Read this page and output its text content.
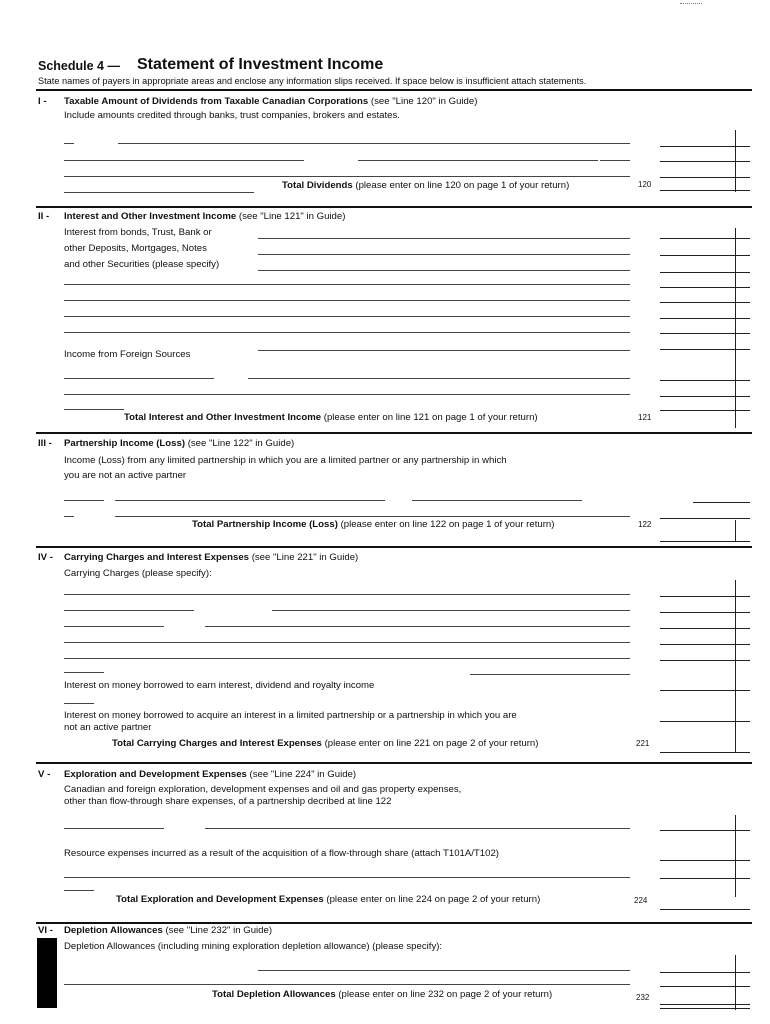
Schedule 4 — Statement of Investment Income
State names of payers in appropriate areas and enclose any information slips received. If space below is insufficient attach statements.
I - Taxable Amount of Dividends from Taxable Canadian Corporations (see "Line 120" in Guide)
Include amounts credited through banks, trust companies, brokers and estates.
Total Dividends (please enter on line 120 on page 1 of your return)	120
II - Interest and Other Investment Income (see "Line 121" in Guide)
Interest from bonds, Trust, Bank or
other Deposits, Mortgages, Notes
and other Securities (please specify)
Income from Foreign Sources
Total Interest and Other Investment Income (please enter on line 121 on page 1 of your return)	121
III - Partnership Income (Loss) (see "Line 122" in Guide)
Income (Loss) from any limited partnership in which you are a limited partner or any partnership in which
you are not an active partner
Total Partnership Income (Loss) (please enter on line 122 on page 1 of your return)	122
IV - Carrying Charges and Interest Expenses (see "Line 221" in Guide)
Carrying Charges (please specify):
Interest on money borrowed to earn interest, dividend and royalty income
Interest on money borrowed to acquire an interest in a limited partnership or a partnership in which you are
not an active partner
Total Carrying Charges and Interest Expenses (please enter on line 221 on page 2 of your return)	221
V - Exploration and Development Expenses (see "Line 224" in Guide)
Canadian and foreign exploration, development expenses and oil and gas property expenses,
other than flow-through share expenses, of a partnership decribed at line 122
Resource expenses incurred as a result of the acquisition of a flow-through share (attach T101A/T102)
Total Exploration and Development Expenses (please enter on line 224 on page 2 of your return)	224
VI - Depletion Allowances (see "Line 232" in Guide)
Depletion Allowances (including mining exploration depletion allowance) (please specify):
Total Depletion Allowances (please enter on line 232 on page 2 of your return)	232
